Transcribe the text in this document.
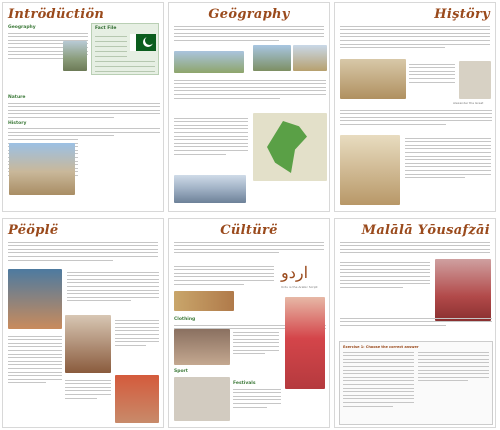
Intrödüctiön
Geography	Fact File
Nature
History
Geögraphy	Hiştöry
Alexander the Great
Pëöplë	Cültürë
اردو
Urdu is the Arabic Script
Clothing
Sport
Festivals
Malālā Yōusafzāi
Exercise 1: Choose the correct answer
